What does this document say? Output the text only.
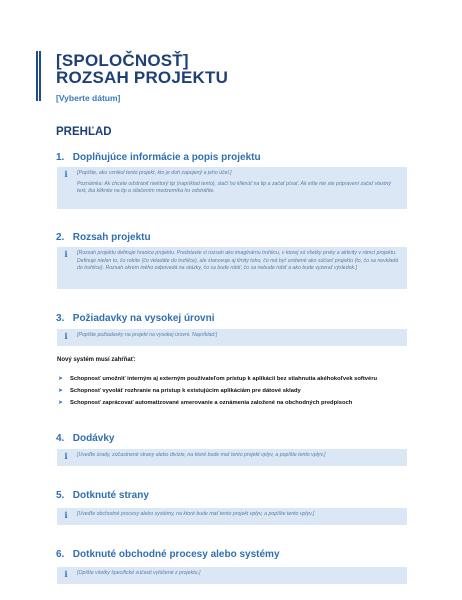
[SPOLOČNOSŤ]
ROZSAH PROJEKTU
[Vyberte dátum]
PREHĽAD
1. Doplňujúce informácie a popis projektu
i	[Popíšte, ako vznikol tento projekt, kto je doň zapojený a jeho účel.]

Poznámka: Ak chcete odstrániť niektorý tip (napríklad tento), stačí ho kliknúť na tip a začať písať. Ak ešte nie ste pripravení začať vlastný text, iba kliknite na tip a stlačením medzerníka ho odstráňte.

2. Rozsah projektu
i	[Rozsah projektu definuje hranice projektu. Predstavte si rozsah ako imaginárnu truhlicu, v ktorej sú všetky prvky a aktivity v rámci projektu. Definuje nielen to, čo robíte (čo vkladáte do truhlice), ale stanovuje aj limity toho, čo má byť urobené ako súčasť projektu (to, čo sa nevkladá do truhlice). Rozsah okrem iného odpovedá na otázky, čo sa bude robiť, čo sa nebude robiť a ako bude vyzerať výsledok.]

3. Požiadavky na vysokej úrovni
i	[Popíšte požiadavky na projekt na vysokej úrovni. Napríklad:]

Nový systém musí zahŕňať:
➤ Schopnosť umožniť interným aj externým používateľom prístup k aplikácii bez stiahnutia akéhokoľvek softvéru
➤ Schopnosť vyvoláť rozhranie na prístup k existujúcim aplikáciám pre dátové sklady
➤ Schopnosť zaprácovať automatizované smerovanie a oznámenia založené na obchodných predpisoch
4. Dodávky
i	[Uveďte úrady, zúčastnené strany alebo divízie, na ktoré bude mať tento projekt vplyv, a popíšte tento vplyv.]

5. Dotknuté strany
i	[Uveďte obchodné procesy alebo systémy, na ktoré bude mať tento projekt vplyv, a popíšte tento vplyv.]

6. Dotknuté obchodné procesy alebo systémy
i	[Opíšte všetky špecifické súčasti vylúčené z projektu.]
